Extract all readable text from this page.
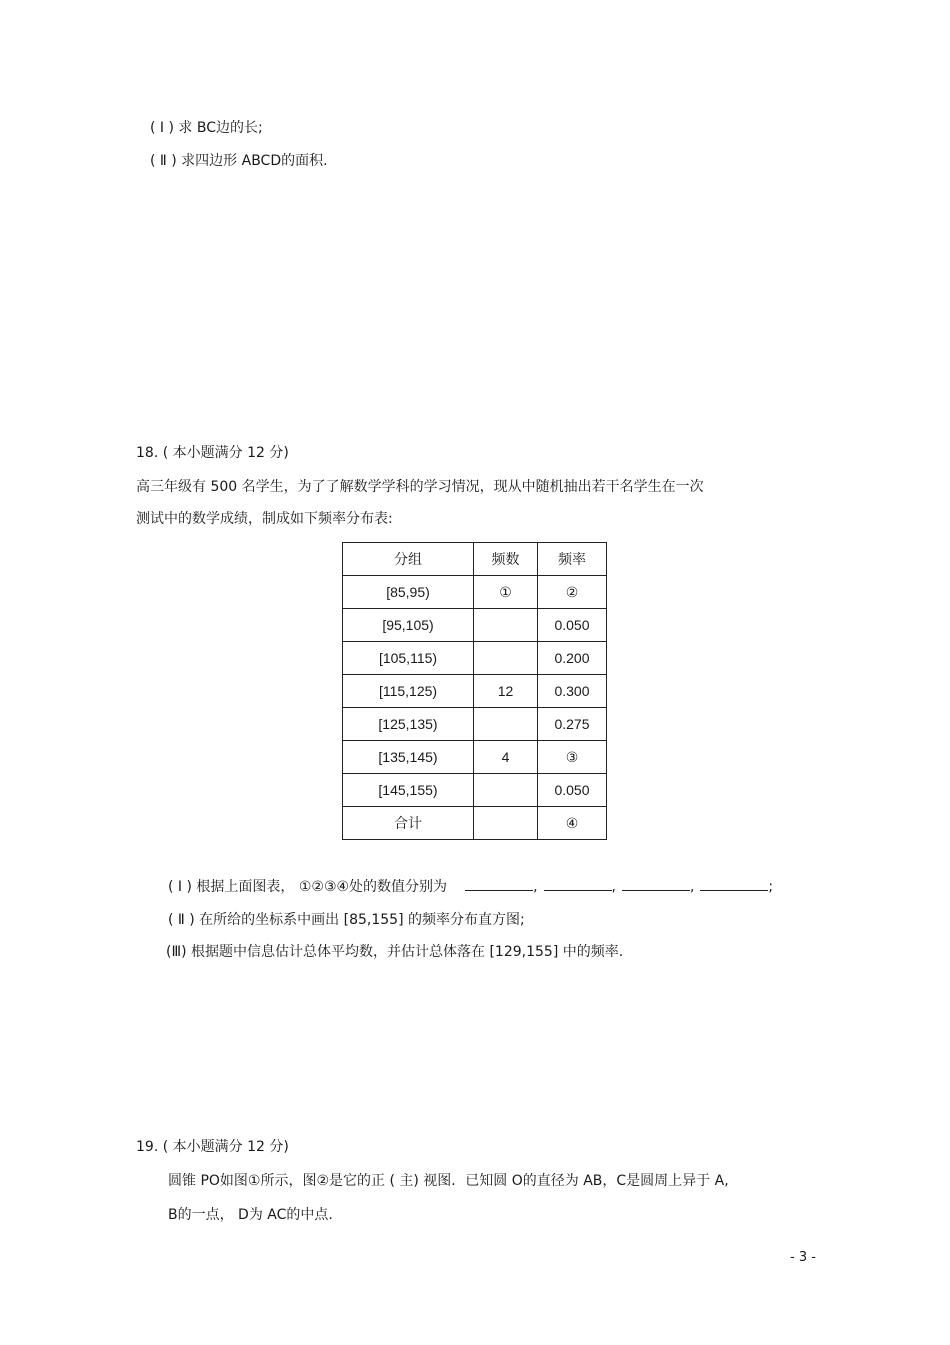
( Ⅰ ) 求 BC边的长;
( Ⅱ ) 求四边形 ABCD的面积.
18. ( 本小题满分 12 分)
高三年级有 500 名学生，为了了解数学学科的学习情况，现从中随机抽出若干名学生在一次
测试中的数学成绩，制成如下频率分布表:
分组	频数	频率
[85,95)	①	②
[95,105)		0.050
[105,115)		0.200
[115,125)	12	0.300
[125,135)		0.275
[135,145)	4	③
[145,155)		0.050
合计		④
( Ⅰ ) 根据上面图表， ①②③④处的数值分别为	,	,	,	;
( Ⅱ ) 在所给的坐标系中画出 [85,155] 的频率分布直方图;
(Ⅲ) 根据题中信息估计总体平均数，并估计总体落在 [129,155] 中的频率.
19. ( 本小题满分 12 分)
圆锥 PO如图①所示，图②是它的正 ( 主) 视图．已知圆 O的直径为 AB，C是圆周上异于 A,
B的一点， D为 AC的中点.
- 3 -
